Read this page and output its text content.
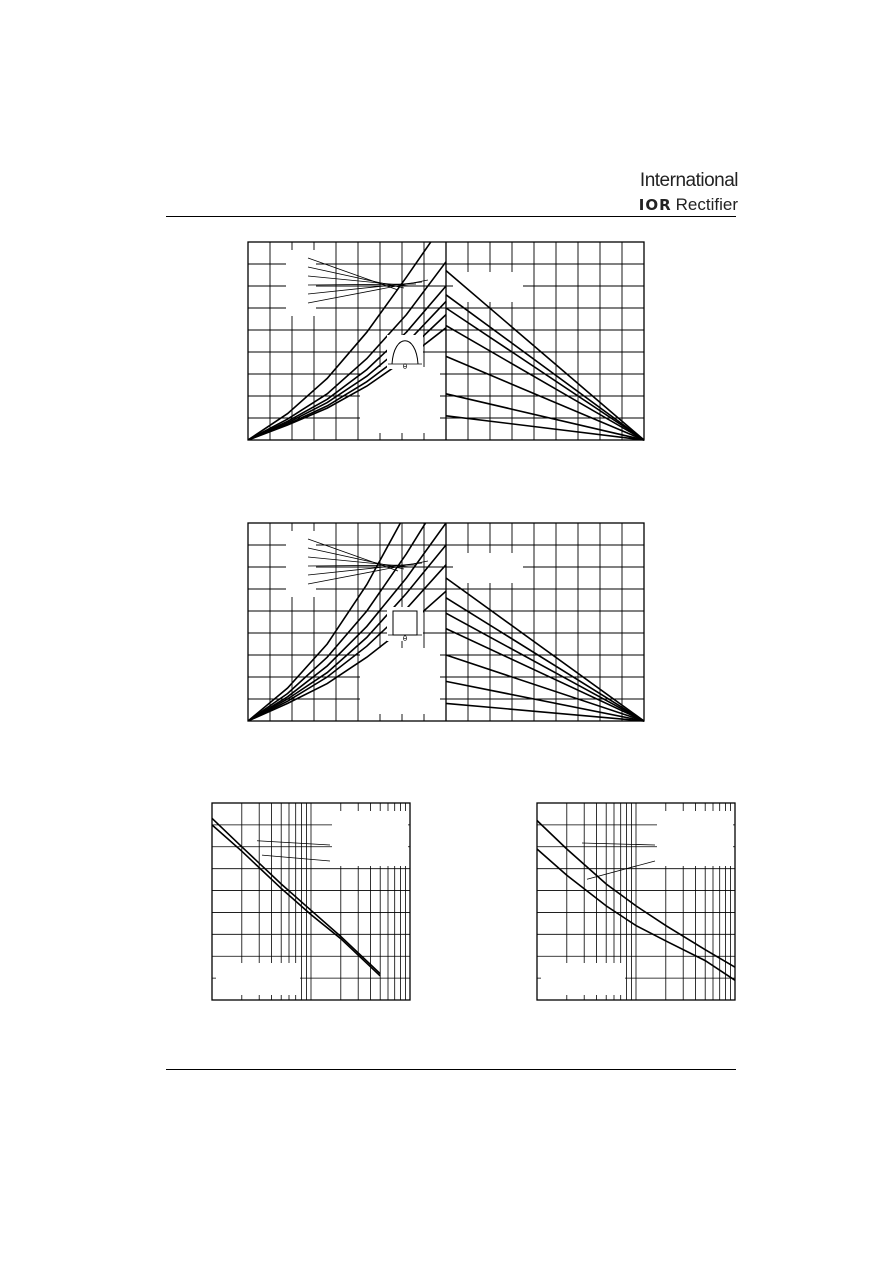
International
IOR Rectifier
θ
θ
